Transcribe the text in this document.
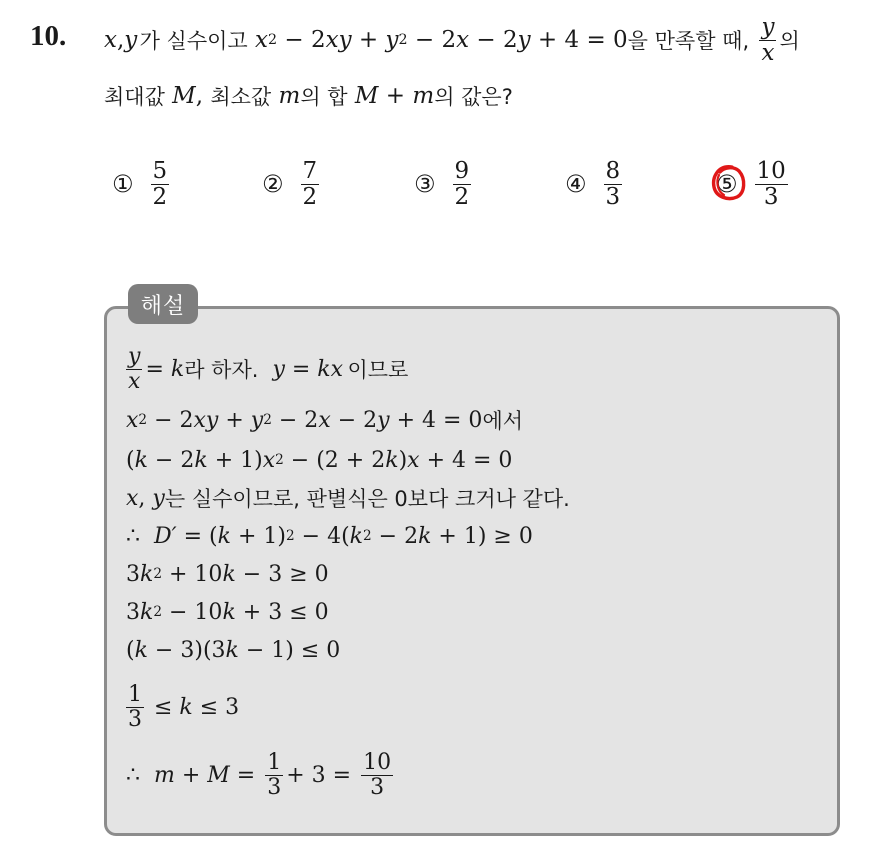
10. x , y
  가 실수이고
x 2 − 2 xy + y 2 − 2 x − 2 y + 4 = 0 을 만족할 때,
$\frac{y}{x}$ 의
최대값
M , 최소값
m 의 합
M + m 의 값은?
① $\frac{5}{2}$	② $\frac{7}{2}$	③ $\frac{9}{2}$	④ $\frac{8}{3}$	⑤ $\frac{10}{3}$
해설
$\frac{y}{x} = k$ 라 하자.
y = kx
  이므로
x 2 − 2 xy + y 2 − 2 x − 2 y + 4 = 0 에서
( k − 2 k + 1) x 2 − (2 + 2 k ) x + 4 = 0
x , y 는 실수이므로, 판별식은 0보다 크거나 같다.
∴ D′ = ( k + 1) 2 − 4( k 2 − 2 k + 1) ≥ 0
3 k 2 + 10 k − 3 ≥ 0
3 k 2 − 10 k + 3 ≤ 0
( k − 3)(3 k − 1) ≤ 0
$\frac{1}{3} \le k \le 3$
∴ $m + M = \frac{1}{3} + 3 = \frac{10}{3}$
